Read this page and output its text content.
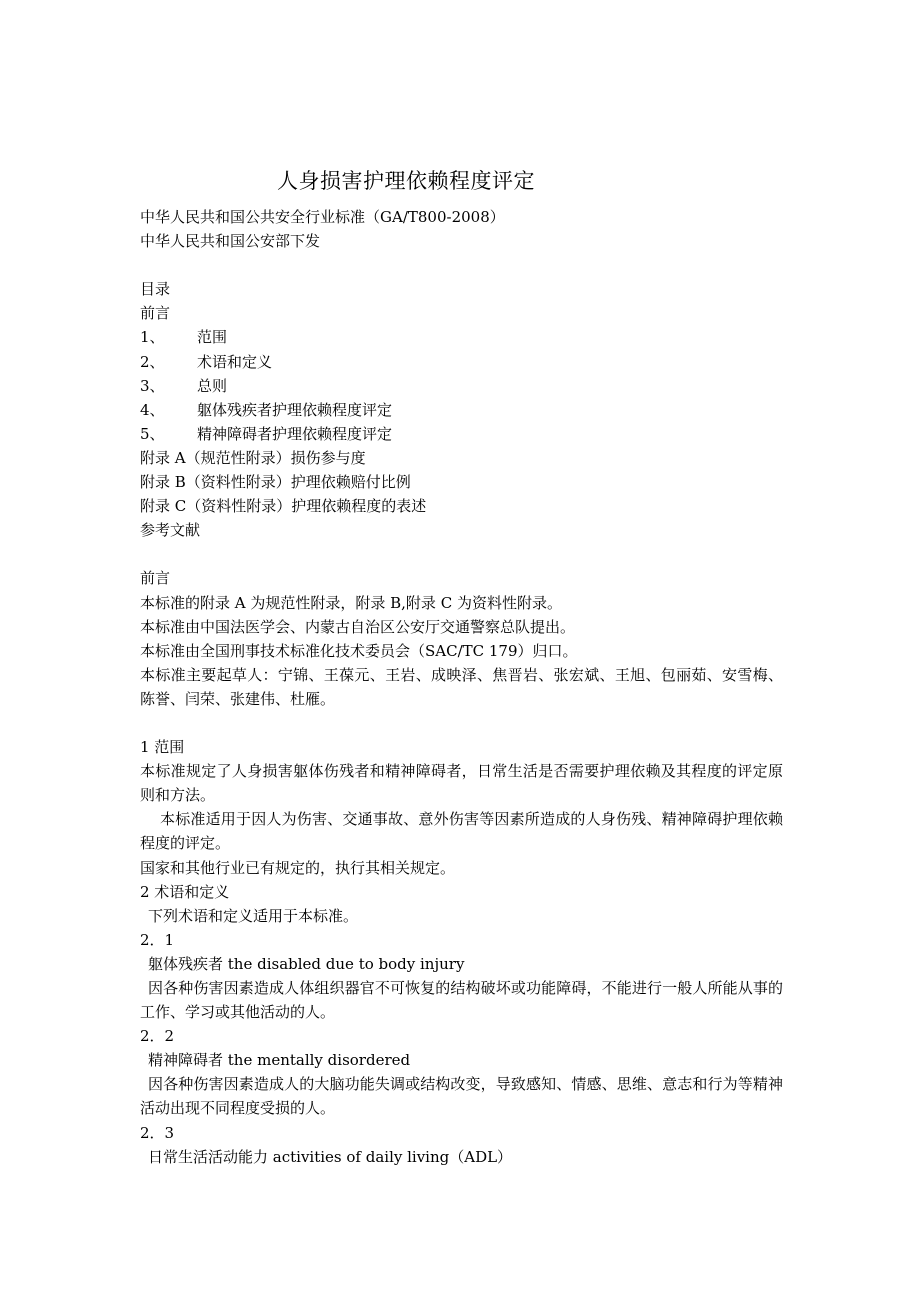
人身损害护理依赖程度评定
中华人民共和国公共安全行业标准（GA/T800-2008）
中华人民共和国公安部下发
目录
前言
1、	范围
2、	术语和定义
3、	总则
4、	躯体残疾者护理依赖程度评定
5、	精神障碍者护理依赖程度评定
附录 A（规范性附录）损伤参与度
附录 B（资料性附录）护理依赖赔付比例
附录 C（资料性附录）护理依赖程度的表述
参考文献
前言
本标准的附录 A 为规范性附录，附录 B,附录 C 为资料性附录。
本标准由中国法医学会、内蒙古自治区公安厅交通警察总队提出。
本标准由全国刑事技术标准化技术委员会（SAC/TC 179）归口。
本标准主要起草人：宁锦、王葆元、王岩、成映泽、焦晋岩、张宏斌、王旭、包丽茹、安雪梅、陈誉、闫荣、张建伟、杜雁。
1 范围
本标准规定了人身损害躯体伤残者和精神障碍者，日常生活是否需要护理依赖及其程度的评定原则和方法。
本标准适用于因人为伤害、交通事故、意外伤害等因素所造成的人身伤残、精神障碍护理依赖程度的评定。
国家和其他行业已有规定的，执行其相关规定。
2 术语和定义
下列术语和定义适用于本标准。
2．1
躯体残疾者 the disabled due to body injury
因各种伤害因素造成人体组织器官不可恢复的结构破坏或功能障碍，不能进行一般人所能从事的工作、学习或其他活动的人。
2．2
精神障碍者 the mentally disordered
因各种伤害因素造成人的大脑功能失调或结构改变，导致感知、情感、思维、意志和行为等精神活动出现不同程度受损的人。
2．3
日常生活活动能力 activities of daily living（ADL）
